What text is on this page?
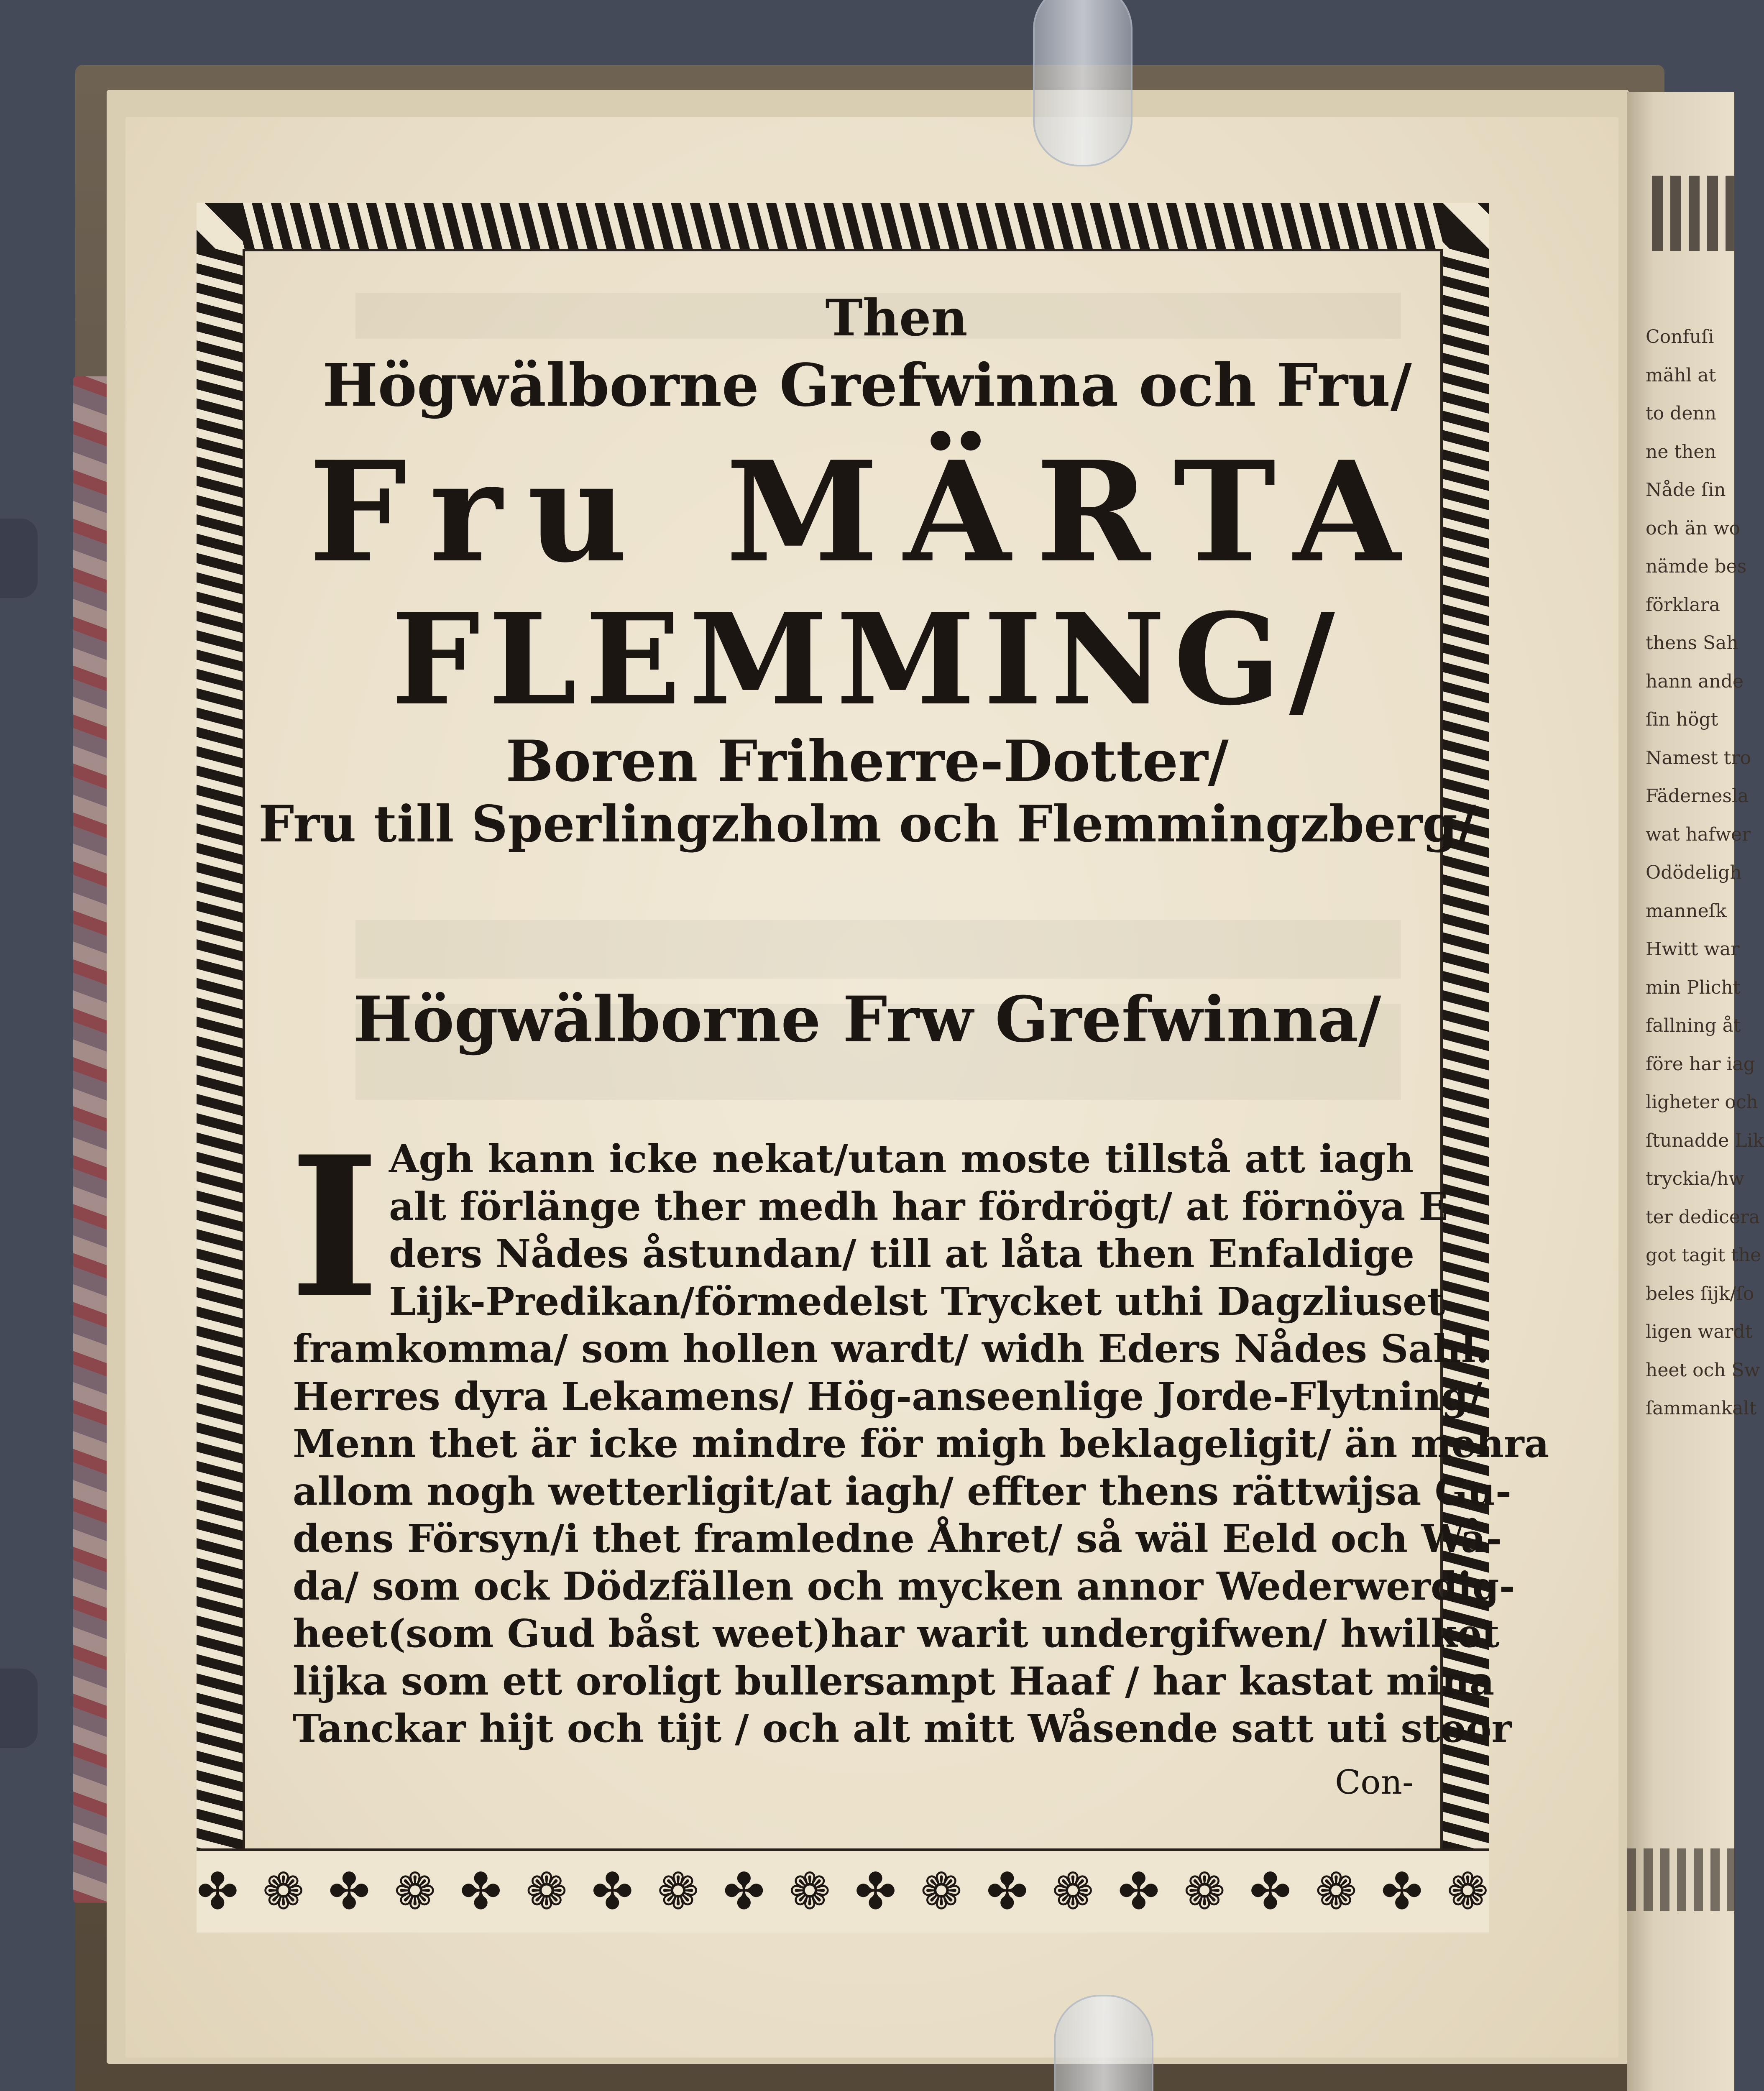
Confuſi
mähl at
to denn
ne then
Nåde ſin
och än wo
nämde bes
förklara
thens Sah
hann ande
ſin högt
Namest tro
Fädernesla
wat hafwer
Odödeligh
manneſk
Hwitt war
min Plicht
fallning åt
före har iag
ligheter och
ſtunadde Lik
tryckia/hw
ter dedicera
got tagit the
beles ſijk/ſo
ligen wardt
heet och Sw
ſammankalt
✤ ❁ ✤ ❁ ✤ ❁ ✤ ❁ ✤ ❁ ✤ ❁ ✤ ❁ ✤ ❁ ✤ ❁ ✤ ❁
Then
Högwälborne Grefwinna och Fru/
Fru MÄRTA
FLEMMING/
Boren Friherre-Dotter/
Fru till Sperlingzholm och Flemmingzberg/
Högwälborne Frw Grefwinna/
I Agh kann icke nekat/utan moste tillstå att iagh
alt förlänge ther medh har fördrögt/ at förnöya E-
ders Nådes åstundan/ till at låta then Enfaldige
Lijk-Predikan/förmedelst Trycket uthi Dagzliuset
framkomma/ som hollen wardt/ widh Eders Nådes Sahl.
Herres dyra Lekamens/ Hög-anseenlige Jorde-Flytning/
Menn thet är icke mindre för migh beklageligit/ än mehra
allom nogh wetterligit/at iagh/ effter thens rättwijsa Gu-
dens Försyn/i thet framledne Åhret/ så wäl Eeld och Wå-
da/ som ock Dödzfällen och mycken annor Wederwerdig-
heet(som Gud båst weet)har warit undergifwen/ hwilket
lijka som ett oroligt bullersampt Haaf / har kastat mina
Tanckar hijt och tijt / och alt mitt Wåsende satt uti stoor
Con-
